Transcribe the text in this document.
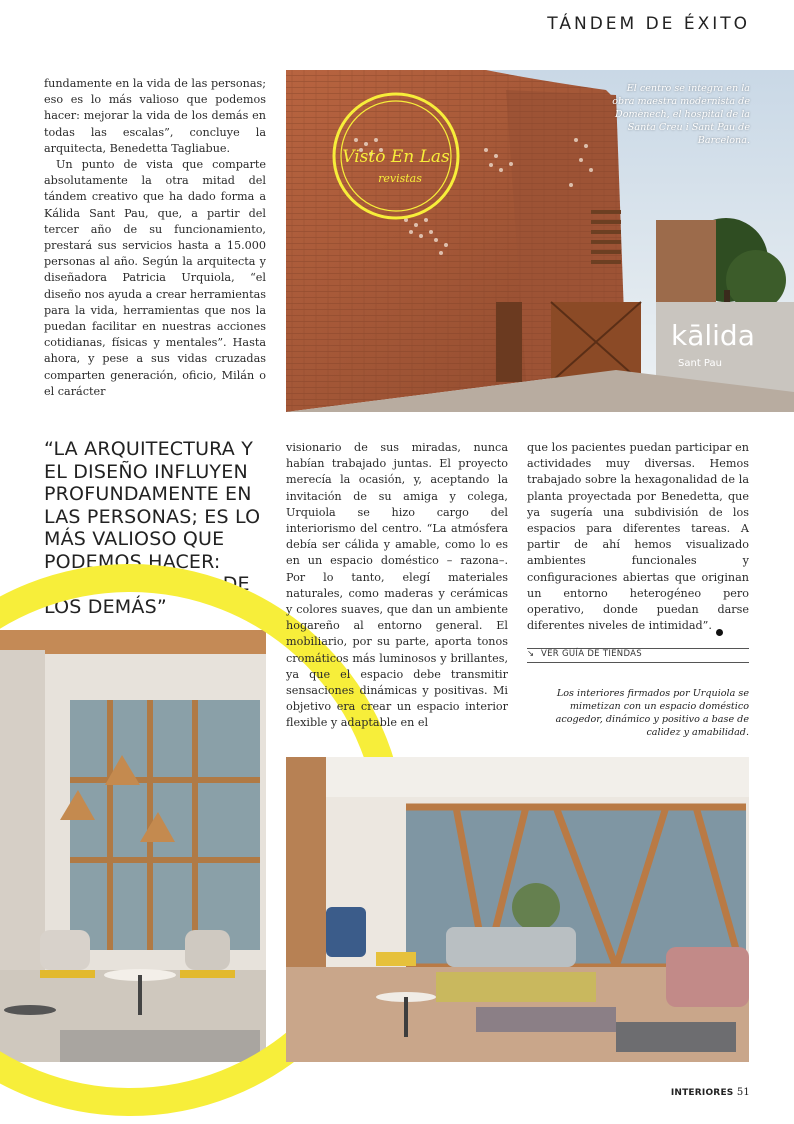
TÁNDEM DE ÉXITO
kālida
Sant Pau
Visto En Las
revistas
El centro se integra en la obra maestra modernista de Domènech, el hospital de la Santa Creu i Sant Pau de Barcelona.

fundamente en la vida de las personas; eso es lo más valioso que podemos hacer: mejorar la vida de los demás en todas las escalas”, concluye la arquitecta, Benedetta Tagliabue.

Un punto de vista que comparte absolutamente la otra mitad del tándem creativo que ha dado forma a Kálida Sant Pau, que, a partir del tercer año de su funcionamiento, prestará sus servicios hasta a 15.000 personas al año. Según la arquitecta y diseñadora Patricia Urquiola, “el diseño nos ayuda a crear herramientas para la vida, herramientas que nos la puedan facilitar en nuestras acciones cotidianas, físicas y mentales”. Hasta ahora, y pese a sus vidas cruzadas comparten generación, oficio, Milán o el carácter

“LA ARQUITECTURA Y EL DISEÑO INFLUYEN PROFUNDAMENTE EN LAS PERSONAS; ES LO MÁS VALIOSO QUE PODEMOS HACER: CAMBIAR LA VIDA DE LOS DEMÁS”

visionario de sus miradas, nunca habían trabajado juntas. El proyecto merecía la ocasión, y, aceptando la invitación de su amiga y colega, Urquiola se hizo cargo del interiorismo del centro. “La atmósfera debía ser cálida y amable, como lo es en un espacio doméstico – razona–. Por lo tanto, elegí materiales naturales, como maderas y cerámicas y colores suaves, que dan un ambiente hogareño al entorno general. El mobiliario, por su parte, aporta tonos cromáticos más luminosos y brillantes, ya que el espacio debe transmitir sensaciones dinámicas y positivas. Mi objetivo era crear un espacio interior flexible y adaptable en el

que los pacientes puedan participar en actividades muy diversas. Hemos trabajado sobre la hexagonalidad de la planta proyectada por Benedetta, que ya sugería una subdivisión de los espacios para diferentes tareas. A partir de ahí hemos visualizado ambientes funcionales y configuraciones abiertas que originan un entorno heterogéneo pero operativo, donde puedan darse diferentes niveles de intimidad”.

↘ VER GUÍA DE TIENDAS
Los interiores firmados por Urquiola se mimetizan con un espacio doméstico acogedor, dinámico y positivo a base de calidez y amabilidad.
INTERIORES 51
